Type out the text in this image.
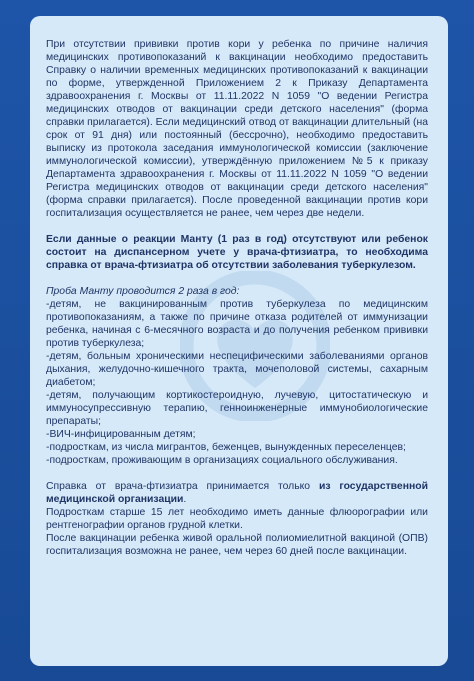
При отсутствии прививки против кори у ребенка по причине наличия медицинских противопоказаний к вакцинации необходимо предоставить Справку о наличии временных медицинских противопоказаний к вакцинации по форме, утвержденной Приложением 2 к Приказу Департамента здравоохранения г. Москвы от 11.11.2022 N 1059 "О ведении Регистра медицинских отводов от вакцинации среди детского населения" (форма справки прилагается). Если медицинский отвод от вакцинации длительный (на срок от 91 дня) или постоянный (бессрочно), необходимо предоставить выписку из протокола заседания иммунологической комиссии (заключение иммунологической комиссии), утверждённую приложением №5 к приказу Департамента здравоохранения г. Москвы от 11.11.2022 N 1059 "О ведении Регистра медицинских отводов от вакцинации среди детского населения" (форма справки прилагается). После проведенной вакцинации против кори госпитализация осуществляется не ранее, чем через две недели.

Если данные о реакции Манту (1 раз в год) отсутствуют или ребенок состоит на диспансерном учете у врача-фтизиатра, то необходима справка от врача-фтизиатра об отсутствии заболевания туберкулезом.

Проба Манту проводится 2 раза в год:
-детям, не вакцинированным против туберкулеза по медицинским противопоказаниям, а также по причине отказа родителей от иммунизации ребенка, начиная с 6-месячного возраста и до получения ребенком прививки против туберкулеза;
-детям, больным хроническими неспецифическими заболеваниями органов дыхания, желудочно-кишечного тракта, мочеполовой системы, сахарным диабетом;
-детям, получающим кортикостероидную, лучевую, цитостатическую и иммуносупрессивную терапию, генноинженерные иммунобиологические препараты;
-ВИЧ-инфицированным детям;
-подросткам, из числа мигрантов, беженцев, вынужденных переселенцев;
-подросткам, проживающим в организациях социального обслуживания.

Справка от врача-фтизиатра принимается только из государственной медицинской организации.

Подросткам старше 15 лет необходимо иметь данные флюорографии или рентгенографии органов грудной клетки.

После вакцинации ребенка живой оральной полиомиелитной вакциной (ОПВ) госпитализация возможна не ранее, чем через 60 дней после вакцинации.
